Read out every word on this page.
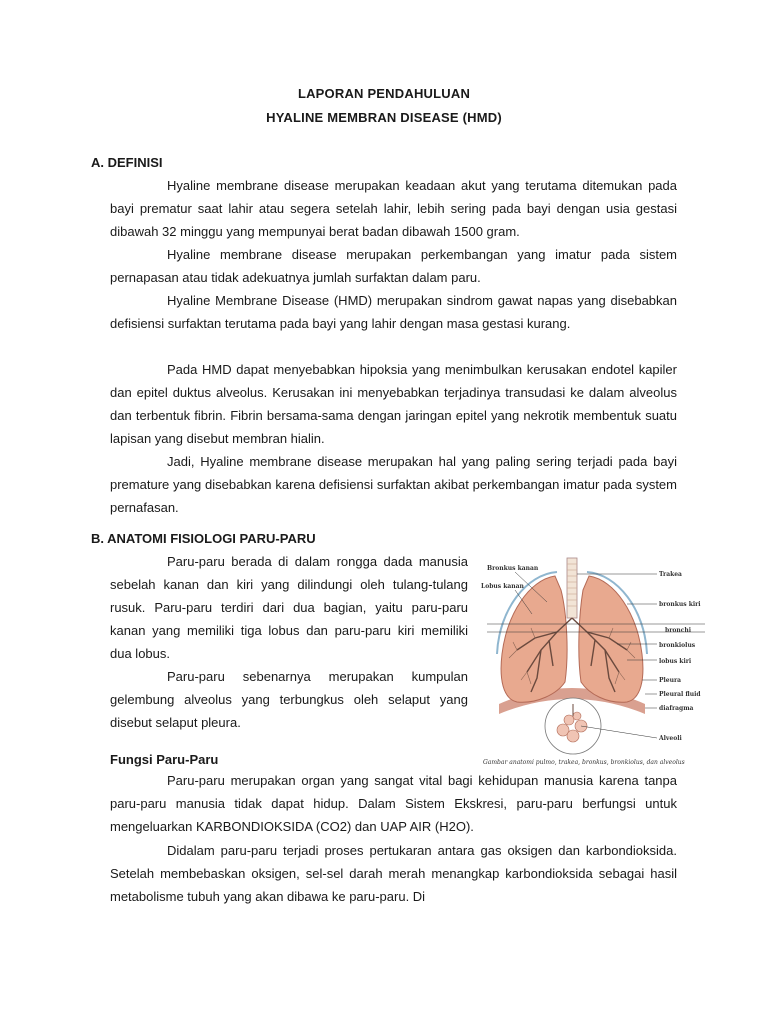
LAPORAN PENDAHULUAN
HYALINE MEMBRAN DISEASE (HMD)
A. DEFINISI

Hyaline membrane disease merupakan keadaan akut yang terutama ditemukan pada bayi prematur saat lahir atau segera setelah lahir, lebih sering pada bayi dengan usia gestasi dibawah 32 minggu yang mempunyai berat badan dibawah 1500 gram.

Hyaline membrane disease merupakan perkembangan yang imatur pada sistem pernapasan atau tidak adekuatnya jumlah surfaktan dalam paru.

Hyaline Membrane Disease (HMD) merupakan sindrom gawat napas yang disebabkan defisiensi surfaktan terutama pada bayi yang lahir dengan masa gestasi kurang.

Pada HMD dapat menyebabkan hipoksia yang menimbulkan kerusakan endotel kapiler dan epitel duktus alveolus. Kerusakan ini menyebabkan terjadinya transudasi ke dalam alveolus dan terbentuk fibrin. Fibrin bersama-sama dengan jaringan epitel yang nekrotik membentuk suatu lapisan yang disebut membran hialin.

Jadi, Hyaline membrane disease merupakan hal yang paling sering terjadi pada bayi premature yang disebabkan karena defisiensi surfaktan akibat perkembangan imatur pada system pernafasan.

B. ANATOMI FISIOLOGI PARU-PARU

Paru-paru berada di dalam rongga dada manusia sebelah kanan dan kiri yang dilindungi oleh tulang-tulang rusuk. Paru-paru terdiri dari dua bagian, yaitu paru-paru kanan yang memiliki tiga lobus dan paru-paru kiri memiliki dua lobus.

Paru-paru sebenarnya merupakan kumpulan gelembung alveolus yang terbungkus oleh selaput yang disebut selaput pleura.

Bronkus kanan
Lobus kanan
Trakea
bronkus kiri
bronchi
bronkiolus
lobus kiri
Pleura
Pleural fluid
diafragma
Alveoli
Gambar anatomi pulmo, trakea, bronkus, bronkiolus, dan alveolus
Fungsi Paru-Paru

Paru-paru merupakan organ yang sangat vital bagi kehidupan manusia karena tanpa paru-paru manusia tidak dapat hidup. Dalam Sistem Ekskresi, paru-paru berfungsi untuk mengeluarkan KARBONDIOKSIDA (CO2) dan UAP AIR (H2O).

Didalam paru-paru terjadi proses pertukaran antara gas oksigen dan karbondioksida. Setelah membebaskan oksigen, sel-sel darah merah menangkap karbondioksida sebagai hasil metabolisme tubuh yang akan dibawa ke paru-paru. Di
